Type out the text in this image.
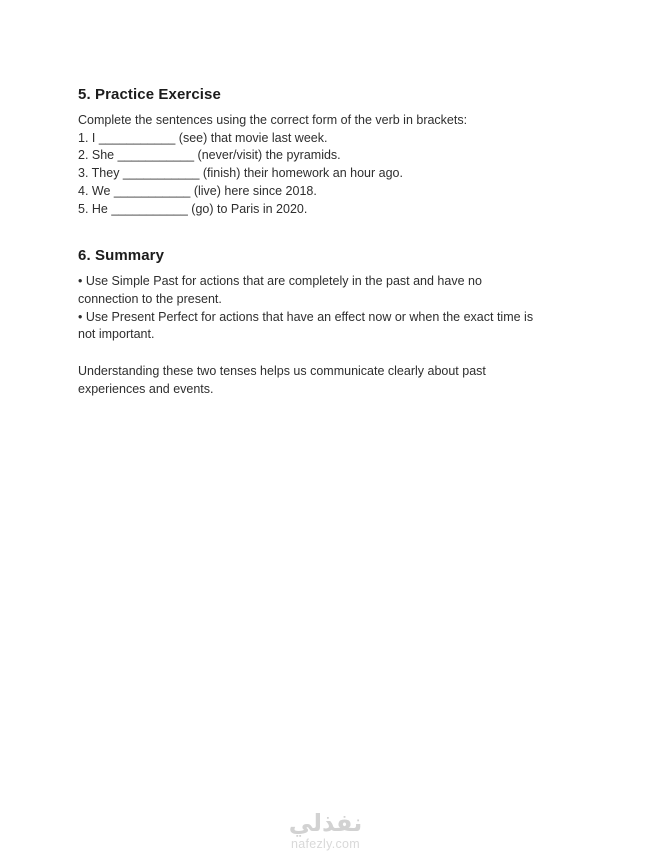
5. Practice Exercise
Complete the sentences using the correct form of the verb in brackets:
1. I ___________ (see) that movie last week.
2. She ___________ (never/visit) the pyramids.
3. They ___________ (finish) their homework an hour ago.
4. We ___________ (live) here since 2018.
5. He ___________ (go) to Paris in 2020.
6. Summary
• Use Simple Past for actions that are completely in the past and have no
connection to the present.
• Use Present Perfect for actions that have an effect now or when the exact time is
not important.
Understanding these two tenses helps us communicate clearly about past
experiences and events.
نفذلي
nafezly.com
